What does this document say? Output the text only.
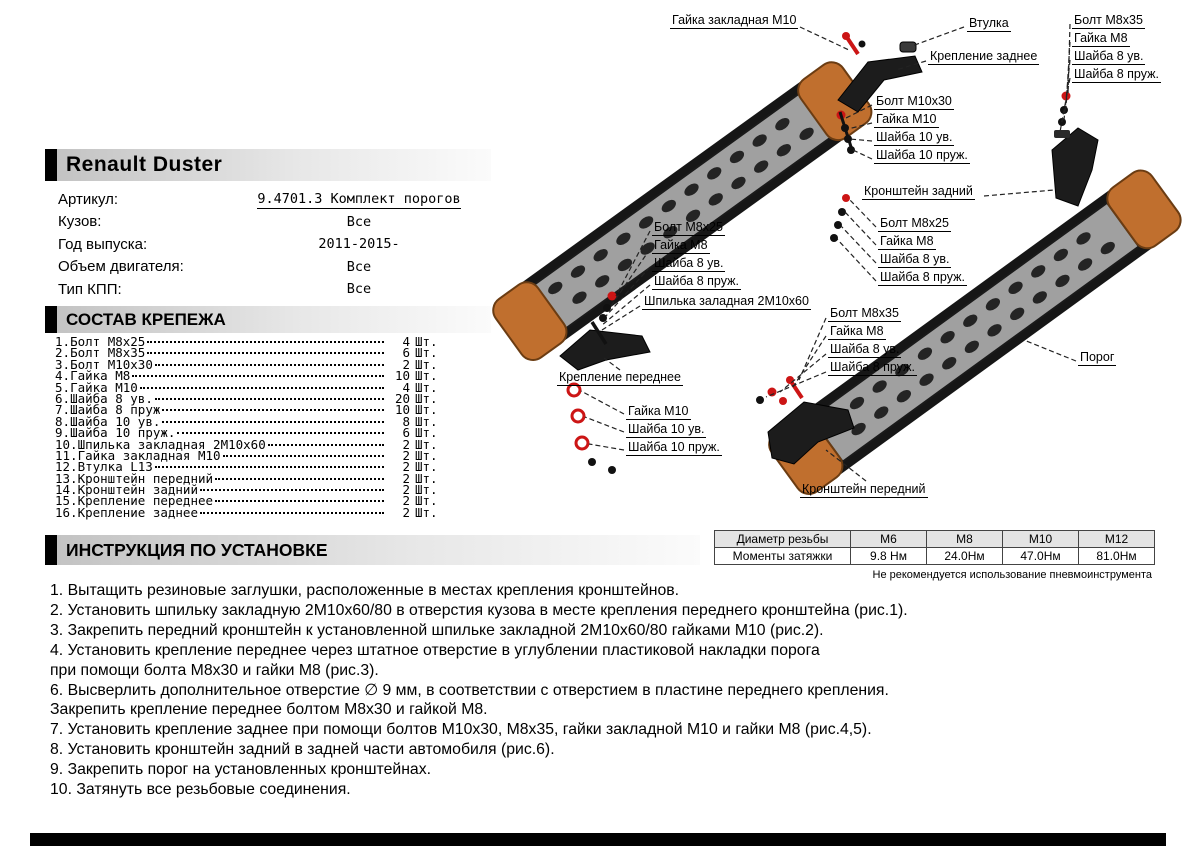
Гайка закладная М10	Втулка	Болт М8х35
Гайка М8
Шайба 8 ув.
Шайба 8 пруж.
Крепление заднее
Болт М10х30
Гайка М10
Шайба 10 ув.
Шайба 10 пруж.
Кронштейн задний
Болт М8х25
Гайка М8
Шайба 8 ув.
Шайба 8 пруж.
Болт М8х25
Гайка М8
Шайба 8 ув.
Шайба 8 пруж.
Шпилька заладная 2М10х60
Болт М8х35
Гайка М8
Шайба 8 ув.
Шайба 8 пруж.
Крепление переднее
Порог
Гайка М10
Шайба 10 ув.
Шайба 10 пруж.
Кронштейн передний
Renault Duster
Артикул:	9.4701.3 Комплект порогов
Кузов:	Все
Год выпуска:	2011-2015-
Объем двигателя:	Все
Тип КПП:	Все
СОСТАВ КРЕПЕЖА
1. Болт М8х25	4 Шт.
2. Болт М8х35	6 Шт.
3. Болт М10х30	2 Шт.
4. Гайка М8	10 Шт.
5. Гайка М10	4 Шт.
6. Шайба 8 ув.	20 Шт.
7. Шайба 8 пруж	10 Шт.
8. Шайба 10 ув.	8 Шт.
9. Шайба 10 пруж.	6 Шт.
10. Шпилька закладная 2М10х60	2 Шт.
11. Гайка закладная М10	2 Шт.
12. Втулка L13	2 Шт.
13. Кронштейн передний	2 Шт.
14. Кронштейн задний	2 Шт.
15. Крепление переднее	2 Шт.
16. Крепление заднее	2 Шт.
ИНСТРУКЦИЯ ПО УСТАНОВКЕ
Диаметр резьбы	М6	М8	М10	М12
Моменты затяжки	9.8 Нм	24.0Нм	47.0Нм	81.0Нм
Не рекомендуется использование пневмоинструмента
1. Вытащить резиновые заглушки, расположенные в местах крепления кронштейнов.
2. Установить шпильку закладную 2М10х60/80 в отверстия кузова в месте крепления переднего кронштейна (рис.1).
3. Закрепить передний кронштейн к установленной шпильке закладной 2М10х60/80 гайками М10 (рис.2).
4. Установить крепление переднее через штатное отверстие в углублении пластиковой накладки порога
при помощи болта М8х30 и гайки М8 (рис.3).
6. Высверлить дополнительное отверстие ∅ 9 мм, в соответствии с отверстием в пластине переднего крепления.
Закрепить крепление переднее болтом М8х30 и гайкой М8.
7. Установить крепление заднее при помощи болтов М10х30, М8х35, гайки закладной М10 и гайки М8 (рис.4,5).
8. Установить кронштейн задний в задней части автомобиля (рис.6).
9. Закрепить порог на установленных кронштейнах.
10. Затянуть все резьбовые соединения.
